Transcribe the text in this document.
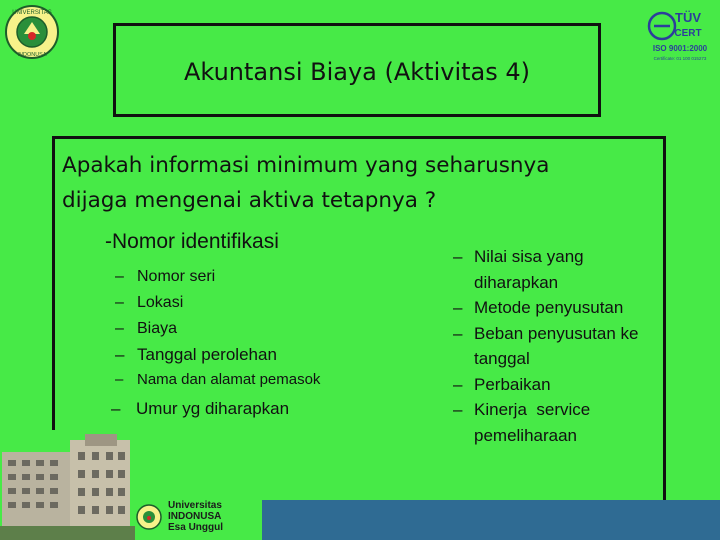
UNIVERSITAS
INDONUSA
TÜV
CERT
ISO 9001:2000
Certificate: 01 100 015273
Akuntansi Biaya (Aktivitas 4)
Apakah informasi minimum yang seharusnya
dijaga mengenai aktiva tetapnya ?
-Nomor identifikasi
– Nomor seri
– Lokasi
– Biaya
– Tanggal perolehan
– Nama dan alamat pemasok
– Umur yg diharapkan
– Nilai sisa yang diharapkan
– Metode penyusutan
– Beban penyusutan ke tanggal
– Perbaikan
– Kinerja  service pemeliharaan
Universitas
INDONUSA
Esa Unggul
